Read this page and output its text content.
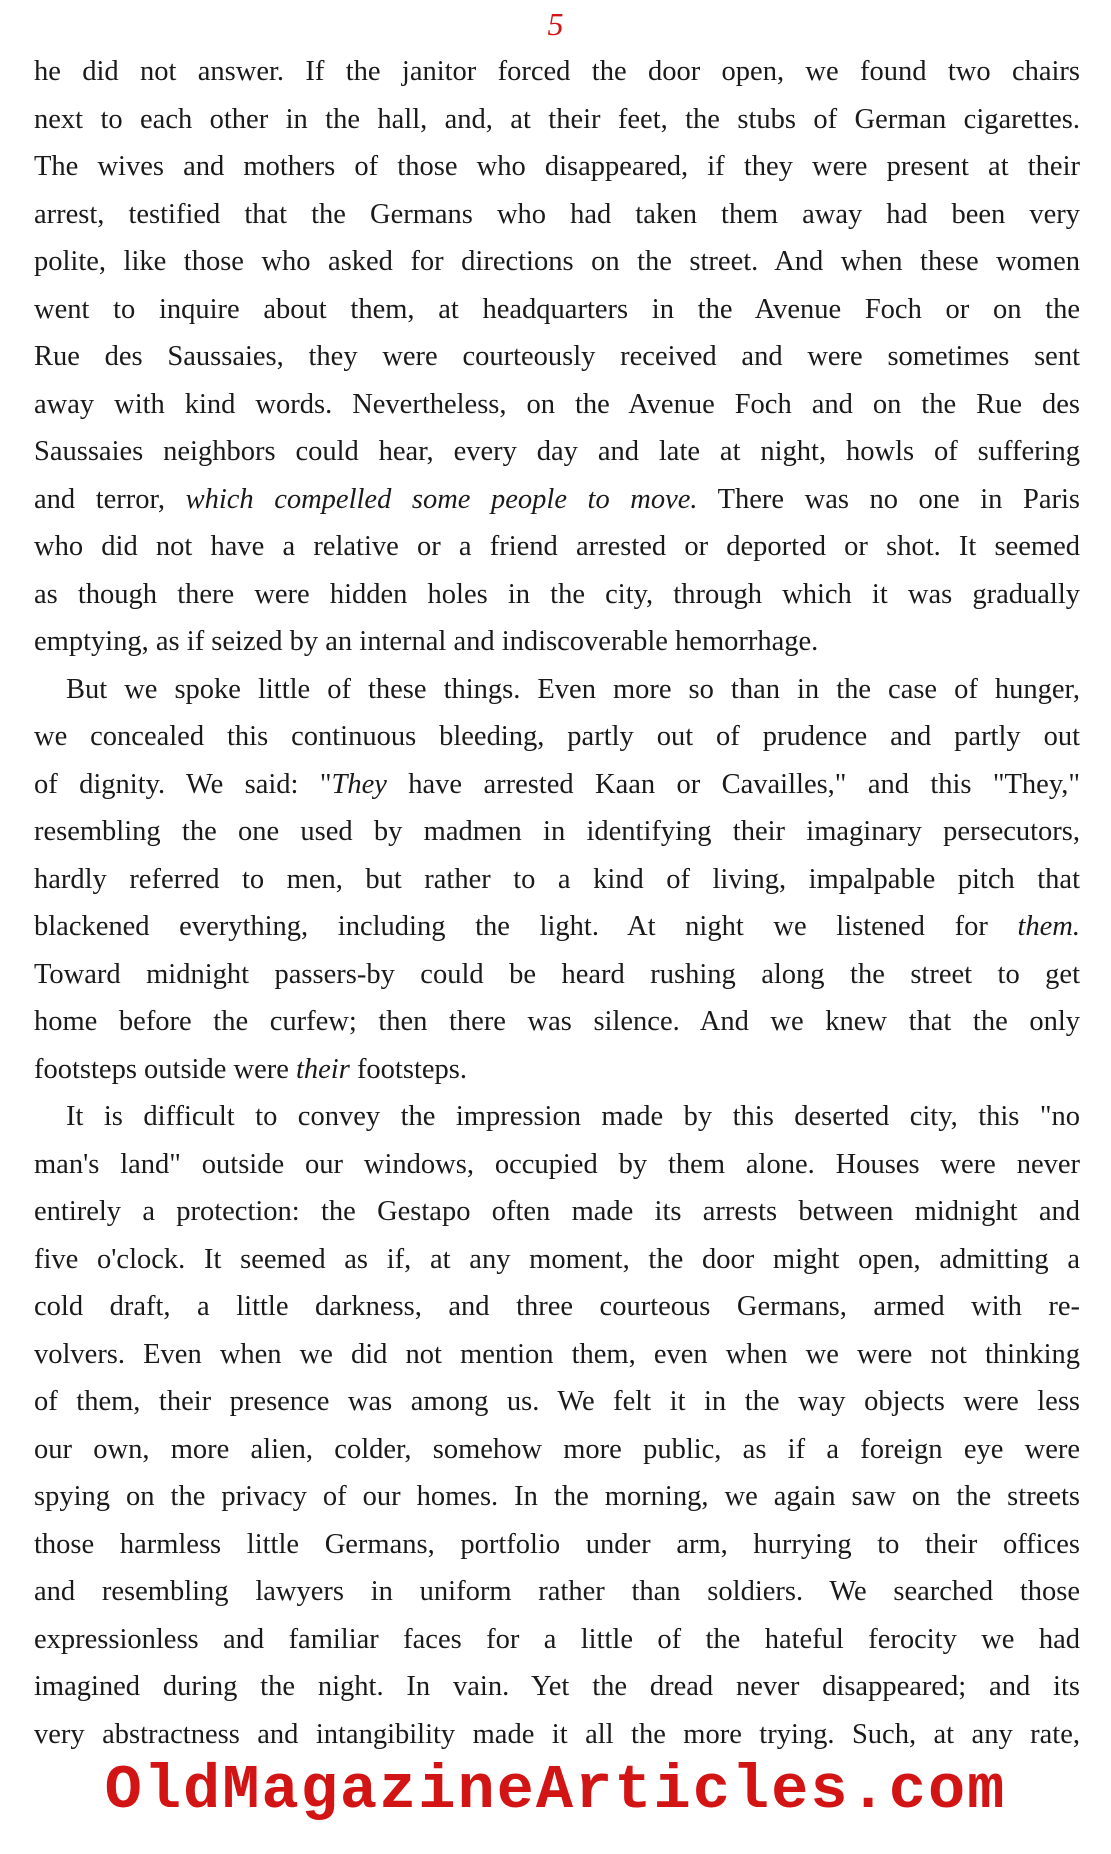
5
he did not answer. If the janitor forced the door open, we found two chairs
next to each other in the hall, and, at their feet, the stubs of German cigarettes.
The wives and mothers of those who disappeared, if they were present at their
arrest, testified that the Germans who had taken them away had been very
polite, like those who asked for directions on the street. And when these women
went to inquire about them, at headquarters in the Avenue Foch or on the
Rue des Saussaies, they were courteously received and were sometimes sent
away with kind words. Nevertheless, on the Avenue Foch and on the Rue des
Saussaies neighbors could hear, every day and late at night, howls of suffering
and terror, which compelled some people to move. There was no one in Paris
who did not have a relative or a friend arrested or deported or shot. It seemed
as though there were hidden holes in the city, through which it was gradually
emptying, as if seized by an internal and indiscoverable hemorrhage.
But we spoke little of these things. Even more so than in the case of hunger,
we concealed this continuous bleeding, partly out of prudence and partly out
of dignity. We said: "They have arrested Kaan or Cavailles," and this "They,"
resembling the one used by madmen in identifying their imaginary persecutors,
hardly referred to men, but rather to a kind of living, impalpable pitch that
blackened everything, including the light. At night we listened for them.
Toward midnight passers-by could be heard rushing along the street to get
home before the curfew; then there was silence. And we knew that the only
footsteps outside were their footsteps.
It is difficult to convey the impression made by this deserted city, this "no
man's land" outside our windows, occupied by them alone. Houses were never
entirely a protection: the Gestapo often made its arrests between midnight and
five o'clock. It seemed as if, at any moment, the door might open, admitting a
cold draft, a little darkness, and three courteous Germans, armed with re-
volvers. Even when we did not mention them, even when we were not thinking
of them, their presence was among us. We felt it in the way objects were less
our own, more alien, colder, somehow more public, as if a foreign eye were
spying on the privacy of our homes. In the morning, we again saw on the streets
those harmless little Germans, portfolio under arm, hurrying to their offices
and resembling lawyers in uniform rather than soldiers. We searched those
expressionless and familiar faces for a little of the hateful ferocity we had
imagined during the night. In vain. Yet the dread never disappeared; and its
very abstractness and intangibility made it all the more trying. Such, at any rate,
OldMagazineArticles.com
